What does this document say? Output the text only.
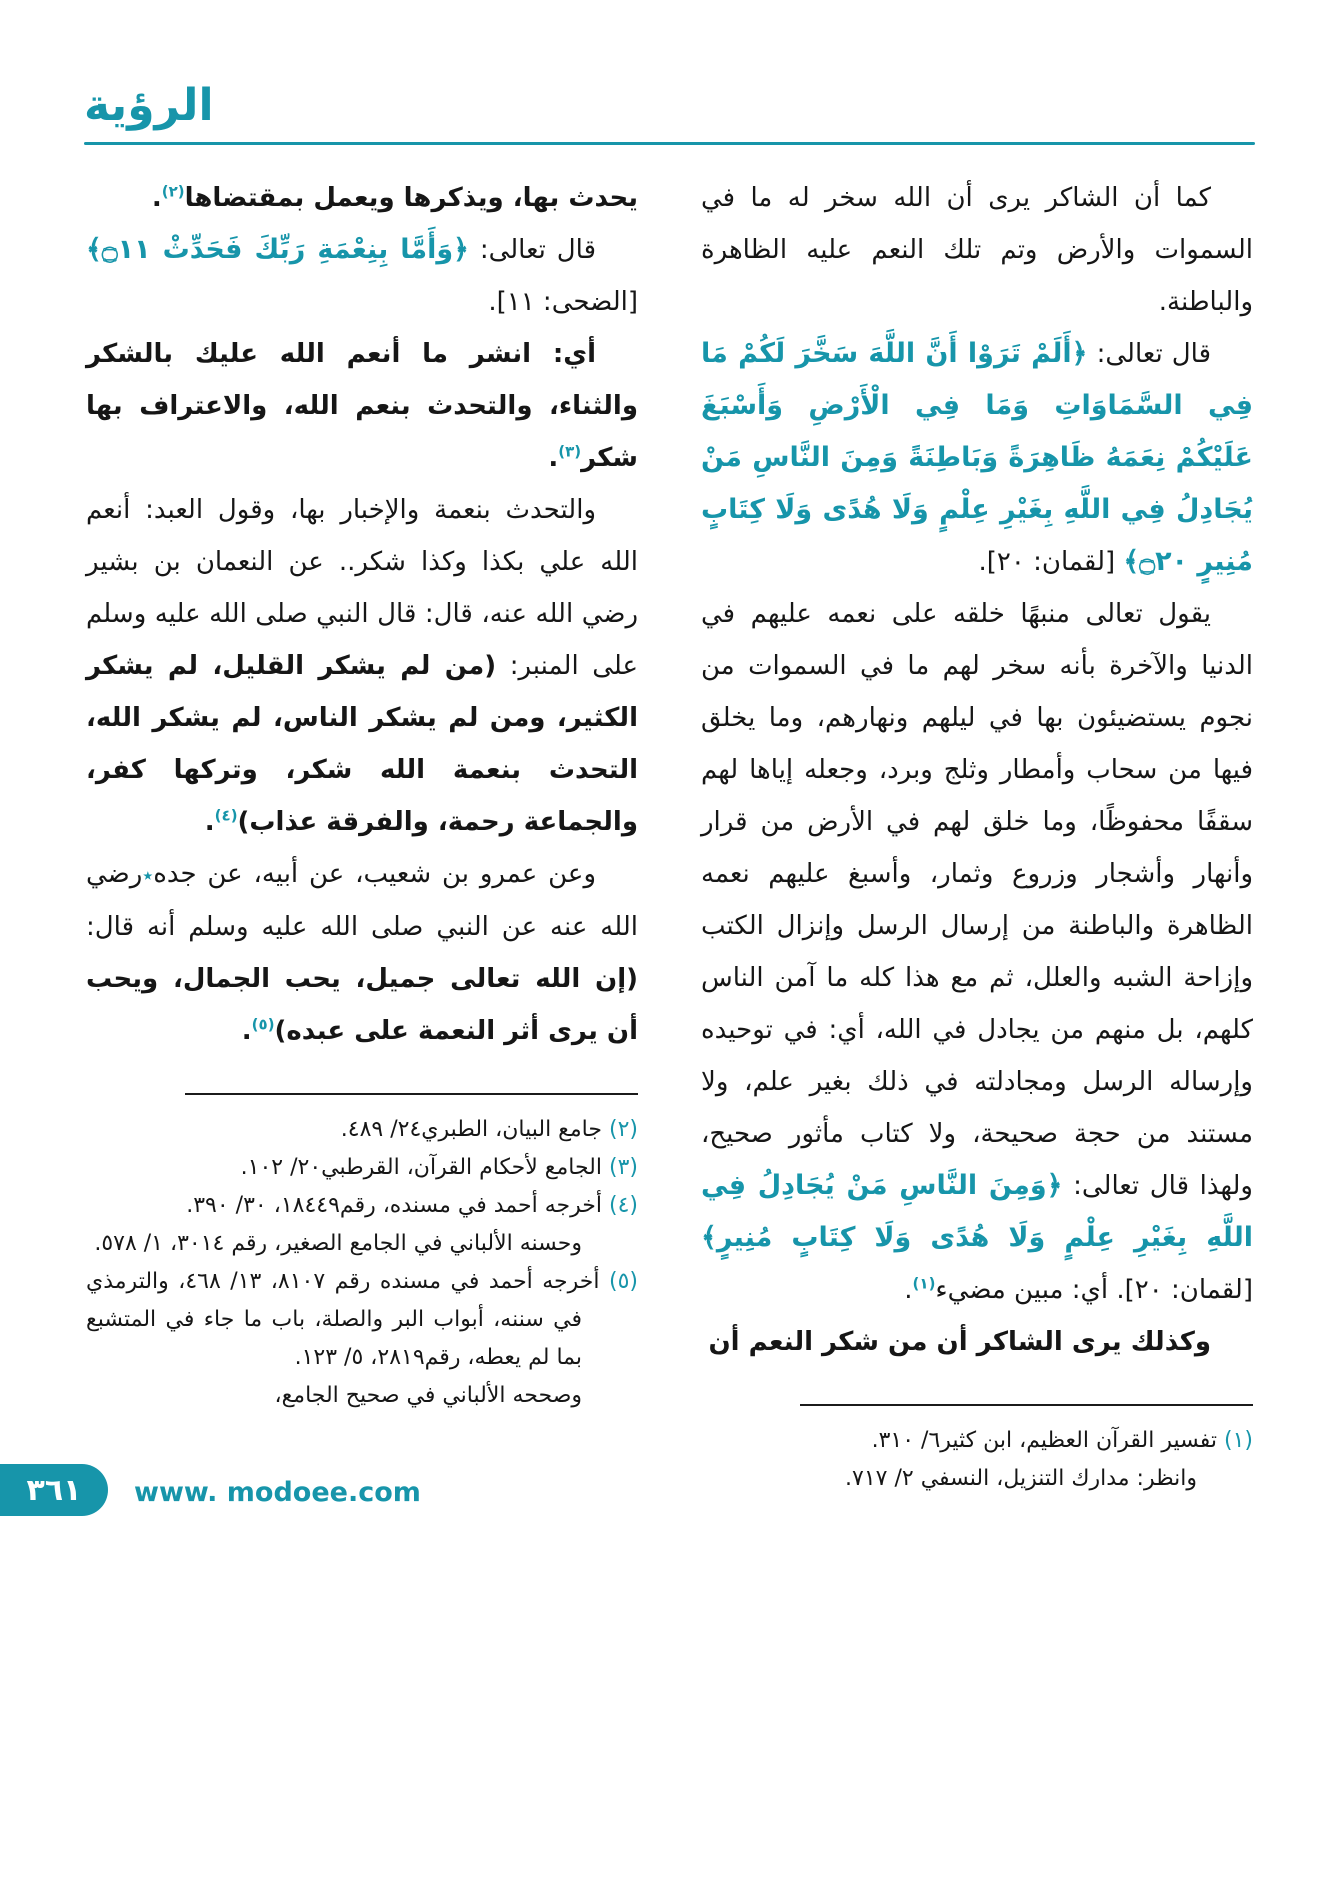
الرؤية

كما أن الشاكر يرى أن الله سخر له ما في السموات والأرض وتم تلك النعم عليه الظاهرة والباطنة.

قال تعالى: ﴿أَلَمْ تَرَوْا أَنَّ اللَّهَ سَخَّرَ لَكُمْ مَا فِي السَّمَاوَاتِ وَمَا فِي الْأَرْضِ وَأَسْبَغَ عَلَيْكُمْ نِعَمَهُ ظَاهِرَةً وَبَاطِنَةً وَمِنَ النَّاسِ مَنْ يُجَادِلُ فِي اللَّهِ بِغَيْرِ عِلْمٍ وَلَا هُدًى وَلَا كِتَابٍ مُنِيرٍ ۝٢٠﴾ [لقمان: ٢٠].

يقول تعالى منبهًا خلقه على نعمه عليهم في الدنيا والآخرة بأنه سخر لهم ما في السموات من نجوم يستضيئون بها في ليلهم ونهارهم، وما يخلق فيها من سحاب وأمطار وثلج وبرد، وجعله إياها لهم سقفًا محفوظًا، وما خلق لهم في الأرض من قرار وأنهار وأشجار وزروع وثمار، وأسبغ عليهم نعمه الظاهرة والباطنة من إرسال الرسل وإنزال الكتب وإزاحة الشبه والعلل، ثم مع هذا كله ما آمن الناس كلهم، بل منهم من يجادل في الله، أي: في توحيده وإرساله الرسل ومجادلته في ذلك بغير علم، ولا مستند من حجة صحيحة، ولا كتاب مأثور صحيح، ولهذا قال تعالى: ﴿وَمِنَ النَّاسِ مَنْ يُجَادِلُ فِي اللَّهِ بِغَيْرِ عِلْمٍ وَلَا هُدًى وَلَا كِتَابٍ مُنِيرٍ﴾ [لقمان: ٢٠]. أي: مبين مضيء$^{(١)}$.

وكذلك يرى الشاكر أن من شكر النعم أن

(١) تفسير القرآن العظيم، ابن كثير٦/ ٣١٠.

وانظر: مدارك التنزيل، النسفي ٢/ ٧١٧.

يحدث بها، ويذكرها ويعمل بمقتضاها$^{(٢)}$.

قال تعالى: ﴿وَأَمَّا بِنِعْمَةِ رَبِّكَ فَحَدِّثْ ۝١١﴾ [الضحى: ١١].

أي: انشر ما أنعم الله عليك بالشكر والثناء، والتحدث بنعم الله، والاعتراف بها شكر$^{(٣)}$.

والتحدث بنعمة والإخبار بها، وقول العبد: أنعم الله علي بكذا وكذا شكر.. عن النعمان بن بشير رضي الله عنه، قال: قال النبي صلى الله عليه وسلم على المنبر: (من لم يشكر القليل، لم يشكر الكثير، ومن لم يشكر الناس، لم يشكر الله، التحدث بنعمة الله شكر، وتركها كفر، والجماعة رحمة، والفرقة عذاب)$^{(٤)}$.

وعن عمرو بن شعيب، عن أبيه، عن جده٭رضي الله عنه عن النبي صلى الله عليه وسلم أنه قال: (إن الله تعالى جميل، يحب الجمال، ويحب أن يرى أثر النعمة على عبده)$^{(٥)}$.

(٢) جامع البيان، الطبري٢٤/ ٤٨٩.

(٣) الجامع لأحكام القرآن، القرطبي٢٠/ ١٠٢.

(٤) أخرجه أحمد في مسنده، رقم١٨٤٤٩، ٣٠/ ٣٩٠.

وحسنه الألباني في الجامع الصغير، رقم ٣٠١٤، ١/ ٥٧٨.

(٥) أخرجه أحمد في مسنده رقم ٨١٠٧، ١٣/ ٤٦٨، والترمذي في سننه، أبواب البر والصلة، باب ما جاء في المتشبع بما لم يعطه، رقم٢٨١٩، ٥/ ١٢٣.

وصححه الألباني في صحيح الجامع،

٣٦١ www. modoee.com
